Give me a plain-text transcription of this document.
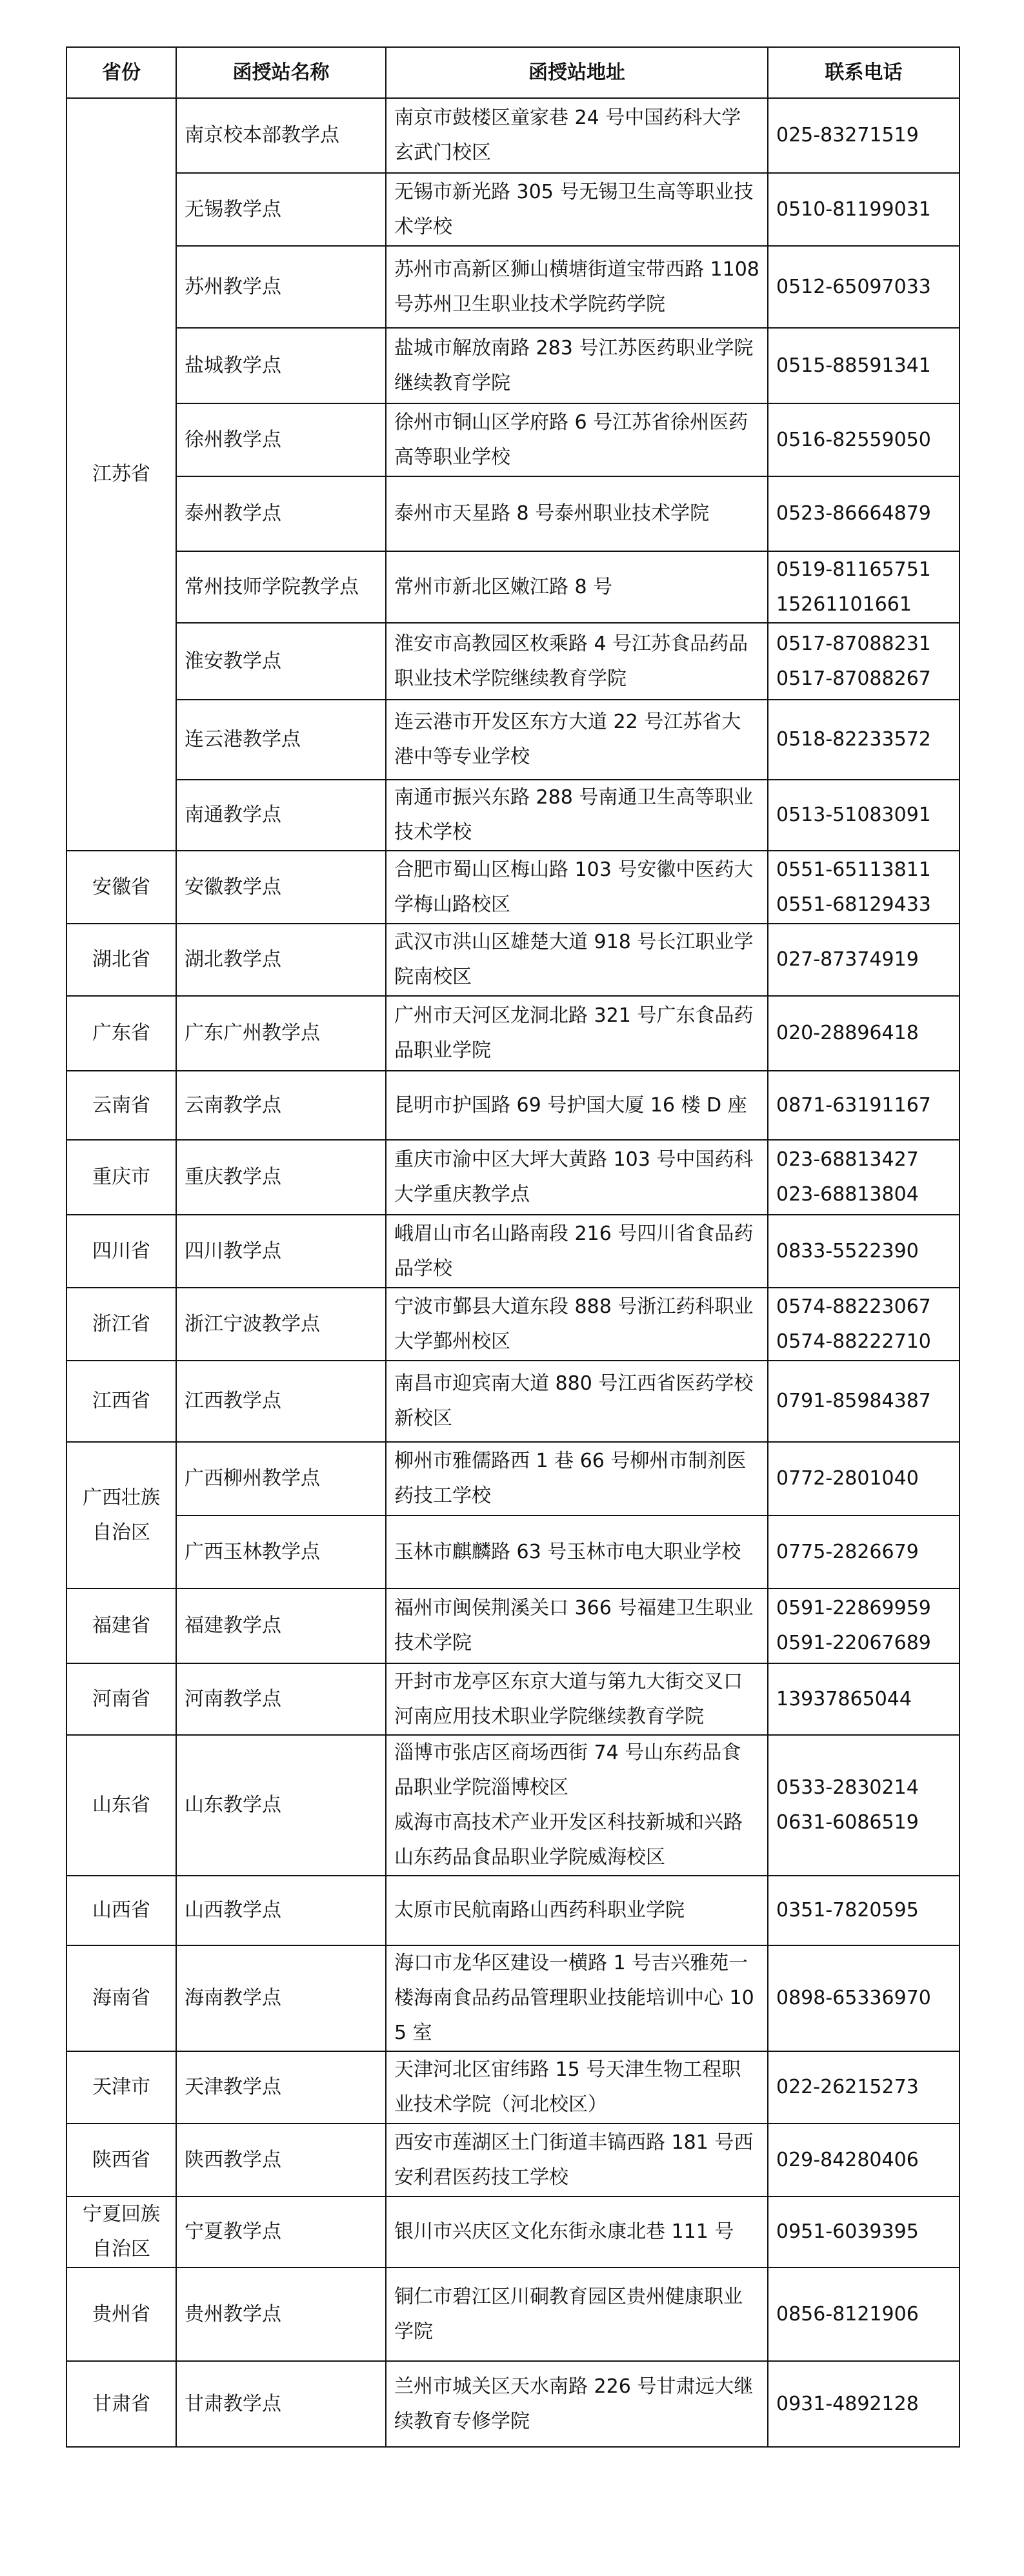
省份	函授站名称	函授站地址	联系电话
江苏省	南京校本部教学点	南京市鼓楼区童家巷 24 号中国药科大学玄武门校区	025-83271519
	无锡教学点	无锡市新光路 305 号无锡卫生高等职业技术学校	0510-81199031
	苏州教学点	苏州市高新区狮山横塘街道宝带西路 1108 号苏州卫生职业技术学院药学院	0512-65097033
	盐城教学点	盐城市解放南路 283 号江苏医药职业学院继续教育学院	0515-88591341
	徐州教学点	徐州市铜山区学府路 6 号江苏省徐州医药高等职业学校	0516-82559050
	泰州教学点	泰州市天星路 8 号泰州职业技术学院	0523-86664879
	常州技师学院教学点	常州市新北区嫩江路 8 号	0519-81165751
15261101661
	淮安教学点	淮安市高教园区枚乘路 4 号江苏食品药品职业技术学院继续教育学院	0517-87088231
0517-87088267
	连云港教学点	连云港市开发区东方大道 22 号江苏省大港中等专业学校	0518-82233572
	南通教学点	南通市振兴东路 288 号南通卫生高等职业技术学校	0513-51083091
安徽省	安徽教学点	合肥市蜀山区梅山路 103 号安徽中医药大学梅山路校区	0551-65113811
0551-68129433
湖北省	湖北教学点	武汉市洪山区雄楚大道 918 号长江职业学院南校区	027-87374919
广东省	广东广州教学点	广州市天河区龙洞北路 321 号广东食品药品职业学院	020-28896418
云南省	云南教学点	昆明市护国路 69 号护国大厦 16 楼 D 座	0871-63191167
重庆市	重庆教学点	重庆市渝中区大坪大黄路 103 号中国药科大学重庆教学点	023-68813427
023-68813804
四川省	四川教学点	峨眉山市名山路南段 216 号四川省食品药品学校	0833-5522390
浙江省	浙江宁波教学点	宁波市鄞县大道东段 888 号浙江药科职业大学鄞州校区	0574-88223067
0574-88222710
江西省	江西教学点	南昌市迎宾南大道 880 号江西省医药学校新校区	0791-85984387
广西壮族自治区	广西柳州教学点	柳州市雅儒路西 1 巷 66 号柳州市制剂医药技工学校	0772-2801040
	广西玉林教学点	玉林市麒麟路 63 号玉林市电大职业学校	0775-2826679
福建省	福建教学点	福州市闽侯荆溪关口 366 号福建卫生职业技术学院	0591-22869959
0591-22067689
河南省	河南教学点	开封市龙亭区东京大道与第九大街交叉口河南应用技术职业学院继续教育学院	13937865044
山东省	山东教学点	淄博市张店区商场西街 74 号山东药品食品职业学院淄博校区
威海市高技术产业开发区科技新城和兴路山东药品食品职业学院威海校区	0533-2830214
0631-6086519
山西省	山西教学点	太原市民航南路山西药科职业学院	0351-7820595
海南省	海南教学点	海口市龙华区建设一横路 1 号吉兴雅苑一楼海南食品药品管理职业技能培训中心 105 室	0898-65336970
天津市	天津教学点	天津河北区宙纬路 15 号天津生物工程职业技术学院（河北校区）	022-26215273
陕西省	陕西教学点	西安市莲湖区土门街道丰镐西路 181 号西安利君医药技工学校	029-84280406
宁夏回族自治区	宁夏教学点	银川市兴庆区文化东街永康北巷 111 号	0951-6039395
贵州省	贵州教学点	铜仁市碧江区川硐教育园区贵州健康职业学院	0856-8121906
甘肃省	甘肃教学点	兰州市城关区天水南路 226 号甘肃远大继续教育专修学院	0931-4892128
